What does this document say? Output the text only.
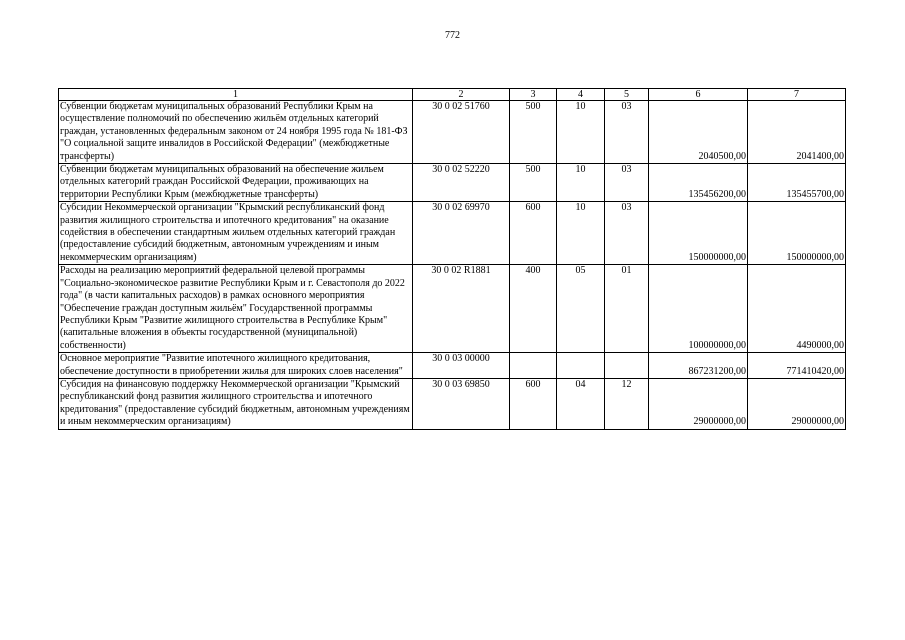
772
1	2	3	4	5	6	7
Субвенции бюджетам муниципальных образований Республики Крым на осуществление полномочий по обеспечению жильём отдельных категорий граждан, установленных федеральным законом от 24 ноября 1995 года № 181-ФЗ "О социальной защите инвалидов в Российской Федерации" (межбюджетные трансферты)	30 0 02 51760	500	10	03	2040500,00	2041400,00
Субвенции бюджетам муниципальных образований на обеспечение жильем отдельных категорий граждан Российской Федерации, проживающих на территории Республики Крым (межбюджетные трансферты)	30 0 02 52220	500	10	03	135456200,00	135455700,00
Субсидии Некоммерческой организации "Крымский республиканский фонд развития жилищного строительства и ипотечного кредитования" на оказание содействия в обеспечении стандартным жильем отдельных категорий граждан (предоставление субсидий бюджетным, автономным учреждениям и иным некоммерческим организациям)	30 0 02 69970	600	10	03	150000000,00	150000000,00
Расходы на реализацию мероприятий федеральной целевой программы "Социально-экономическое развитие Республики Крым и г. Севастополя до 2022 года" (в части капитальных расходов) в рамках основного мероприятия "Обеспечение граждан доступным жильём" Государственной программы Республики Крым "Развитие жилищного строительства в Республике Крым" (капитальные вложения в объекты государственной (муниципальной) собственности)	30 0 02 R1881	400	05	01	100000000,00	4490000,00
Основное мероприятие "Развитие ипотечного жилищного кредитования, обеспечение доступности в приобретении жилья для широких слоев населения"	30 0 03 00000				867231200,00	771410420,00
Субсидия на финансовую поддержку Некоммерческой организации "Крымский республиканский фонд развития жилищного строительства и ипотечного кредитования" (предоставление субсидий бюджетным, автономным учреждениям и иным некоммерческим организациям)	30 0 03 69850	600	04	12	29000000,00	29000000,00
